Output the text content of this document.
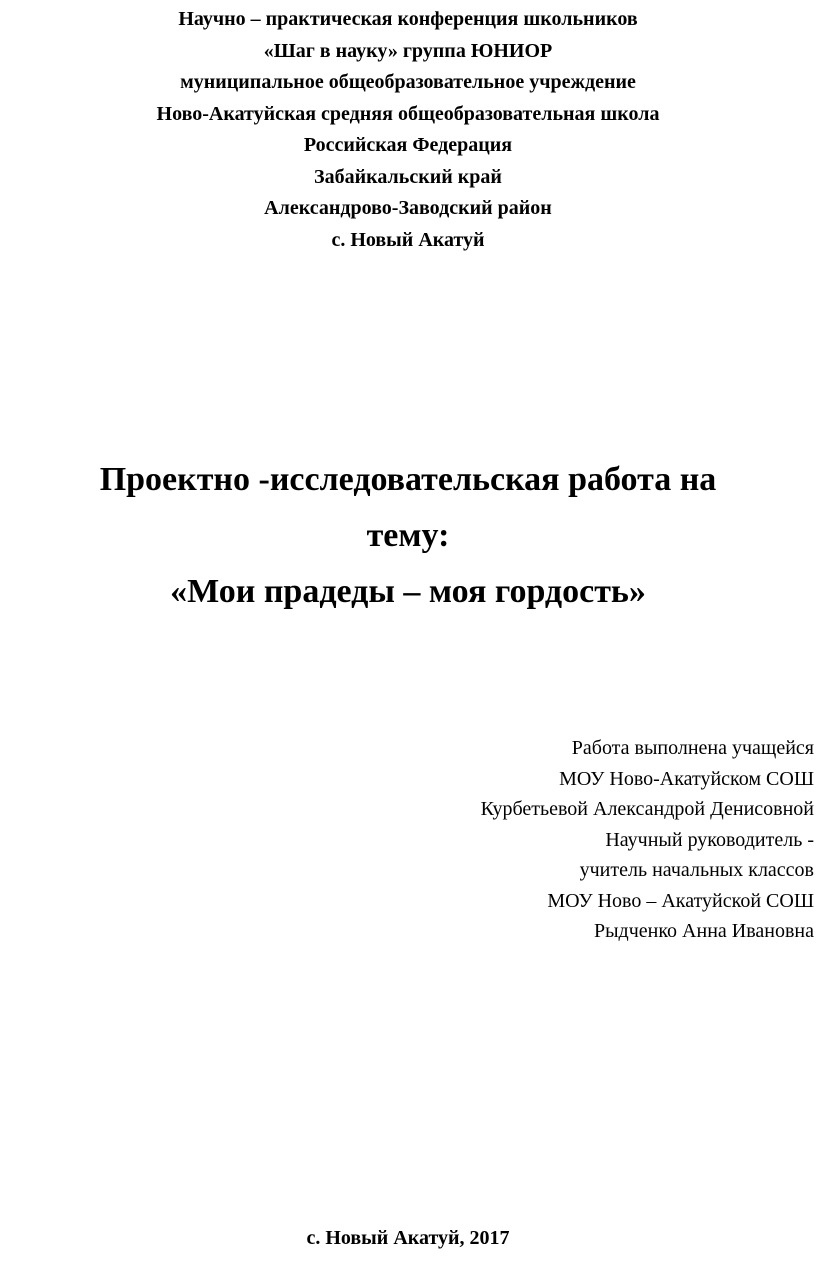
Научно – практическая конференция школьников
«Шаг в науку» группа ЮНИОР
муниципальное общеобразовательное учреждение
Ново-Акатуйская средняя общеобразовательная школа
Российская Федерация
Забайкальский край
Александрово-Заводский район
с. Новый Акатуй
Проектно -исследовательская работа на
тему:
«Мои прадеды – моя гордость»
Работа выполнена учащейся
МОУ Ново-Акатуйском СОШ
Курбетьевой Александрой Денисовной
Научный руководитель -
учитель начальных классов
МОУ Ново – Акатуйской СОШ
Рыдченко Анна Ивановна
с. Новый Акатуй, 2017
